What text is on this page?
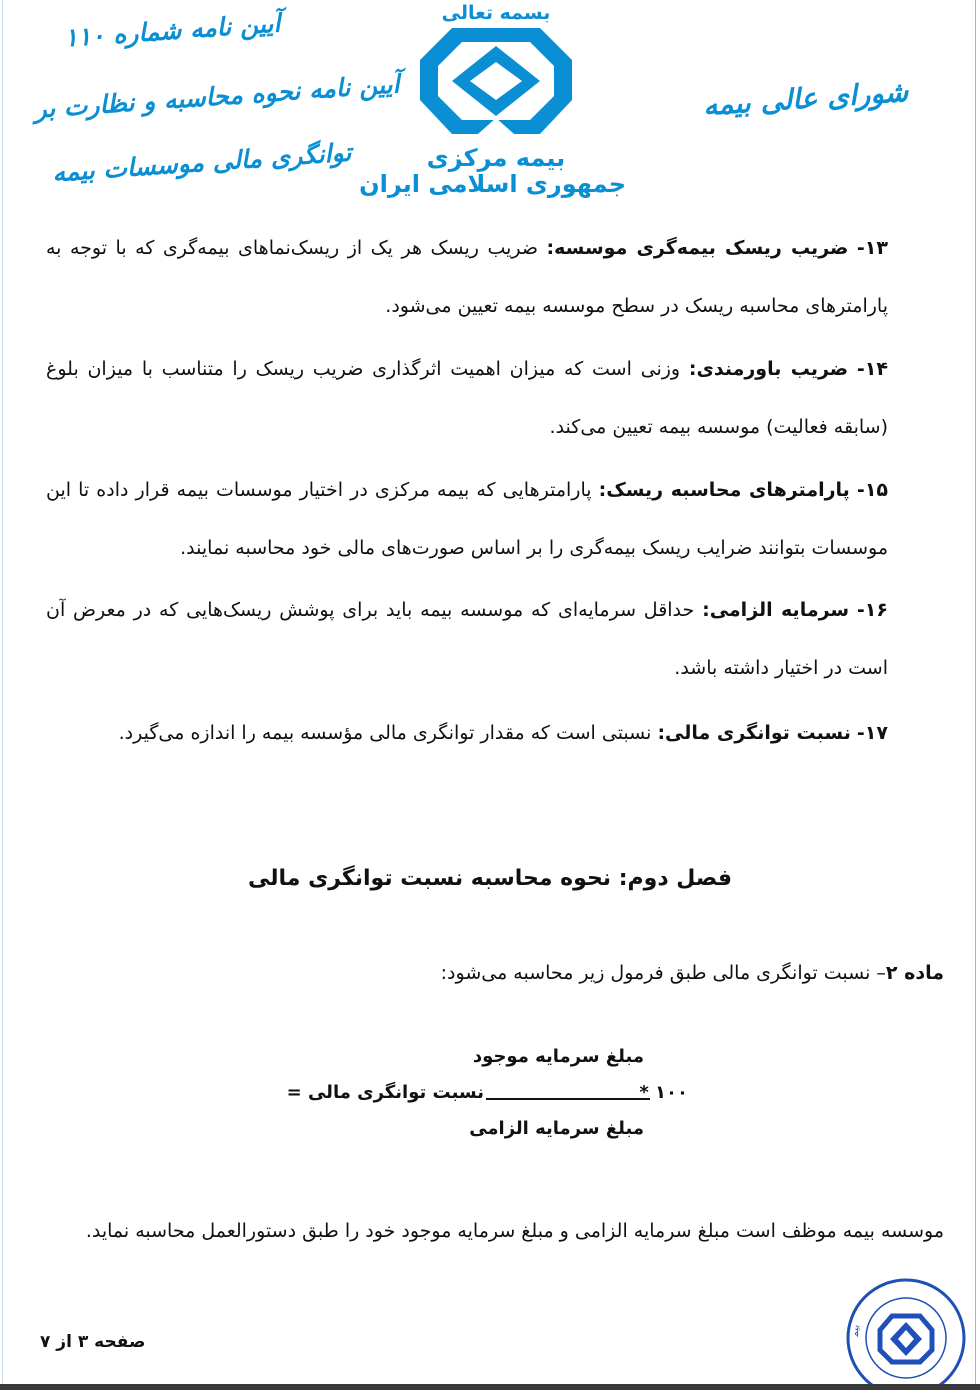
شورای عالی بیمه
آیین نامه شماره ۱۱۰
آیین نامه نحوه محاسبه و نظارت بر
توانگری مالی موسسات بیمه
بسمه تعالی
بیمه مرکزی
جمهوری اسلامی ایران
۱۳- ضریب ریسک بیمه‌گری موسسه: ضریب ریسک هر یک از ریسک‌نماهای بیمه‌گری که با توجه به پارامترهای محاسبه ریسک در سطح موسسه بیمه تعیین می‌شود.
۱۴- ضریب باورمندی: وزنی است که میزان اهمیت اثرگذاری ضریب ریسک را متناسب با میزان بلوغ (سابقه فعالیت) موسسه بیمه تعیین می‌کند.
۱۵- پارامترهای محاسبه ریسک: پارامترهایی که بیمه مرکزی در اختیار موسسات بیمه قرار داده تا این موسسات بتوانند ضرایب ریسک بیمه‌گری را بر اساس صورت‌های مالی خود محاسبه نمایند.
۱۶- سرمایه الزامی: حداقل سرمایه‌ای که موسسه بیمه باید برای پوشش ریسک‌هایی که در معرض آن است در اختیار داشته باشد.
۱۷- نسبت توانگری مالی: نسبتی است که مقدار توانگری مالی مؤسسه بیمه را اندازه می‌گیرد.
فصل دوم: نحوه محاسبه نسبت توانگری مالی
ماده ۲– نسبت توانگری مالی طبق فرمول زیر محاسبه می‌شود:
مبلغ سرمایه موجود
نسبت توانگری مالی =	۱۰۰ *
مبلغ سرمایه الزامی
موسسه بیمه موظف است مبلغ سرمایه الزامی و مبلغ سرمایه موجود خود را طبق دستورالعمل محاسبه نماید.
صفحه ۳ از ۷
بیم
